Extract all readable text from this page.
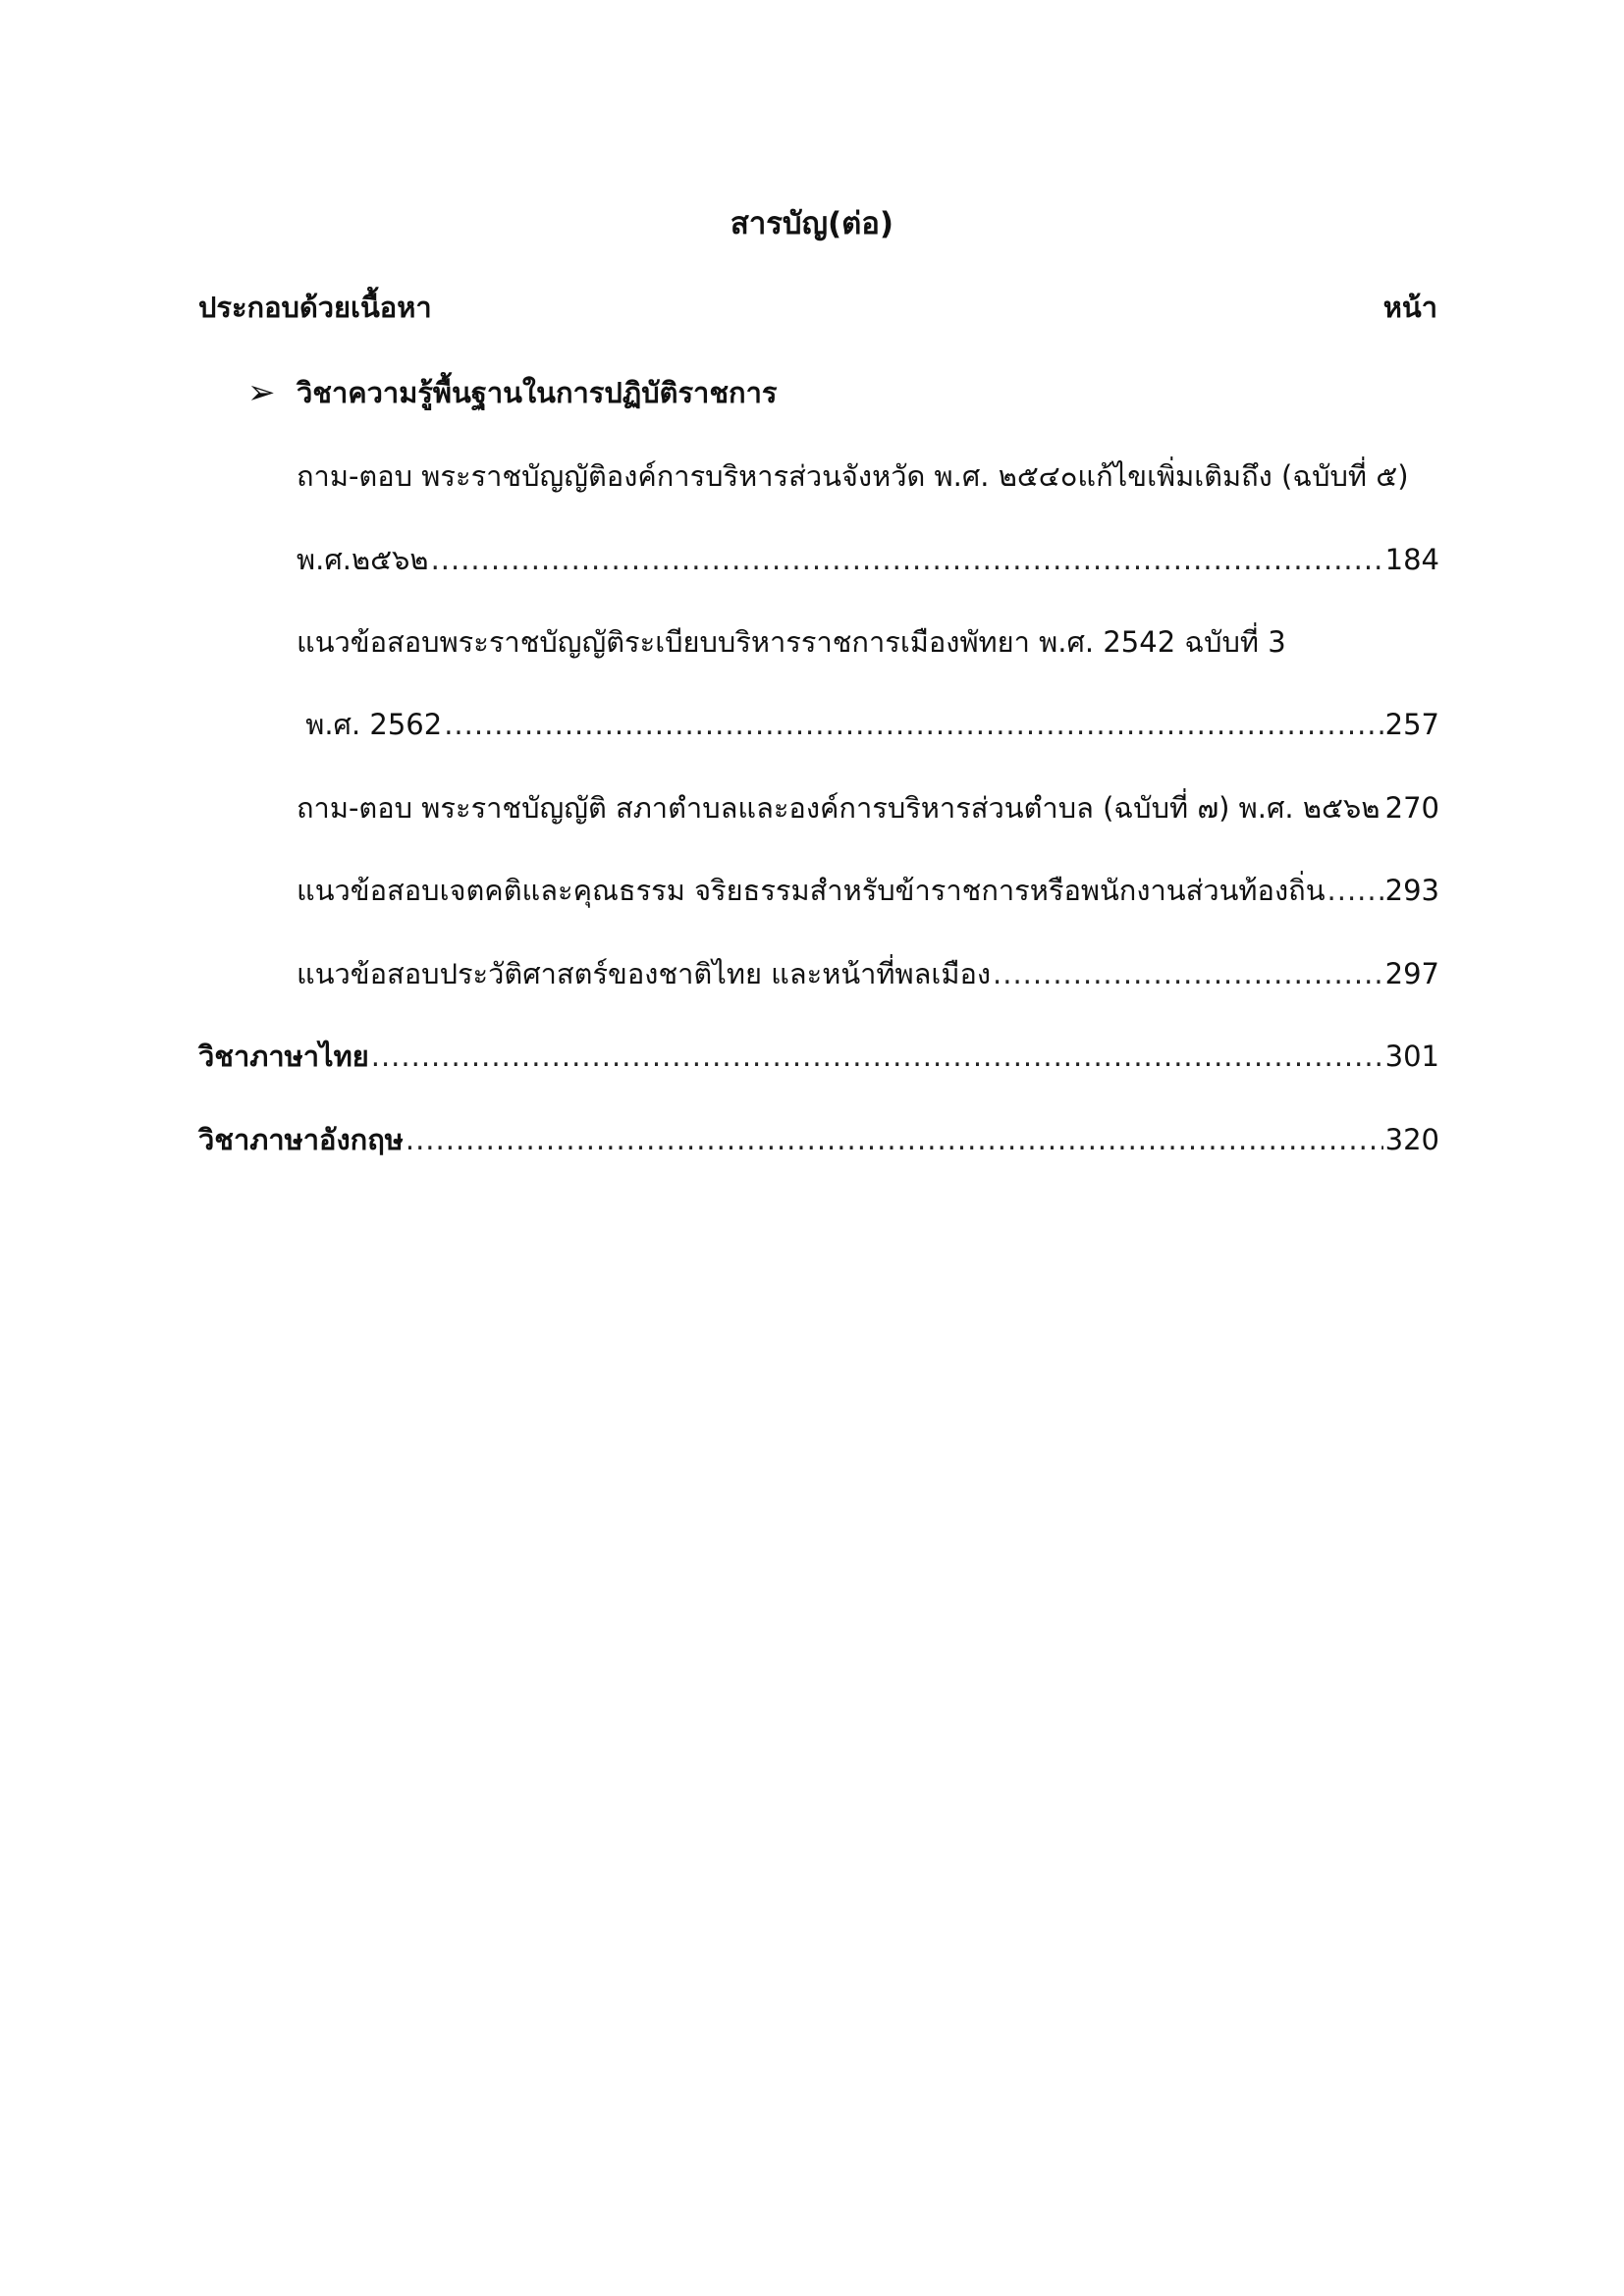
สารบัญ(ต่อ)
ประกอบด้วยเนื้อหา	หน้า
➢ วิชาความรู้พื้นฐานในการปฏิบัติราชการ
ถาม-ตอบ พระราชบัญญัติองค์การบริหารส่วนจังหวัด พ.ศ. ๒๕๔๐แก้ไขเพิ่มเติมถึง (ฉบับที่ ๕)
พ.ศ.๒๕๖๒ .....	184
แนวข้อสอบพระราชบัญญัติระเบียบบริหารราชการเมืองพัทยา พ.ศ. 2542 ฉบับที่ 3
พ.ศ. 2562 .....	257
ถาม-ตอบ พระราชบัญญัติ สภาตำบลและองค์การบริหารส่วนตำบล (ฉบับที่ ๗) พ.ศ. ๒๕๖๒ ..... 270
แนวข้อสอบเจตคติและคุณธรรม จริยธรรมสำหรับข้าราชการหรือพนักงานส่วนท้องถิ่น ..... 293
แนวข้อสอบประวัติศาสตร์ของชาติไทย และหน้าที่พลเมือง .....	297
วิชาภาษาไทย .....	301
วิชาภาษาอังกฤษ .....	320
